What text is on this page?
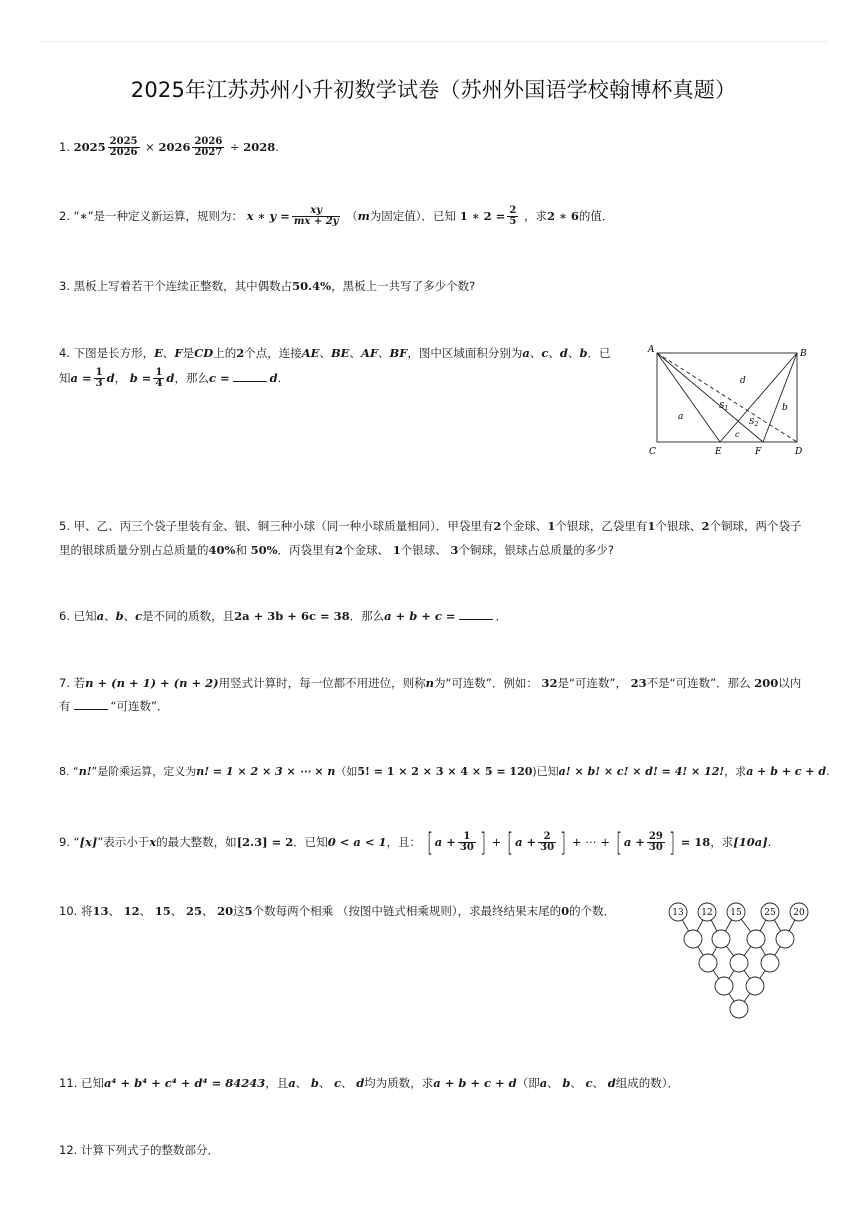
2025年江苏苏州小升初数学试卷（苏州外国语学校翰博杯真题）
1. $2025 \frac{2025}{2026} \times 2026 \frac{2026}{2027} \div 2028$.
2. “∗”是一种定义新运算，规则为： x ∗ $y = \frac{xy}{mx + 2y} (m$为固定值）．已知 1 ∗ $2 = \frac{2}{5}$ ，求2 ∗ 6的值．
3. 黑板上写着若干个连续正整数，其中偶数占50.4%，黑板上一共写了多少个数?
4. 下图是长方形，E、F是CD上的2个点，连接AE、BE、AF、BF，图中区域面积分别为a、c、d、b．已
知$a = \frac{1}{3}$ d， $b = \frac{1}{4}$ d，那么c =	d.
A	B
C	D
E	F
a
d
b
c
$S_1$
$S_2$
5. 甲、乙、丙三个袋子里装有金、银、铜三种小球（同一种小球质量相同）．甲袋里有2个金球、1个银球，乙袋里有1个银球、2个铜球，两个袋子
里的银球质量分别占总质量的40%和 50%．丙袋里有2个金球、 1个银球、 3个铜球，银球占总质量的多少?
6. 已知a、b、c是不同的质数，且2a + 3b + 6c = 38．那么a + b + c =	．
7. 若n + (n + 1) + (n + 2)用竖式计算时，每一位都不用进位，则称n为“可连数”．例如： 32是“可连数”， 23不是“可连数”．那么 200以内
有	“可连数”．
8. “n!”是阶乘运算，定义为n! = 1 × 2 × 3 × ⋯ × n（如5! = 1 × 2 × 3 × 4 × 5 = 120)已知a! × b! × c! × d! = 4! × 12!，求a + b + c + d.
9. “[x]”表示小于x的最大整数，如[2.3] = 2．已知0 < a < 1，且： [ $a + \frac{1}{30}$ ] + [ $a + \frac{2}{30}$ ] + ⋯ + [ $a + \frac{29}{30}$ ] = 18，求[10a].
10. 将13、 12、 15、 25、 20这5个数每两个相乘 （按图中链式相乘规则），求最终结果末尾的0的个数．	13 12 15	25 20
11. 已知a⁴ + b⁴ + c⁴ + d⁴ = 84243，且a、 b、 c、 d均为质数，求a + b + c + d（即a、 b、 c、 d组成的数）．
12. 计算下列式子的整数部分．
